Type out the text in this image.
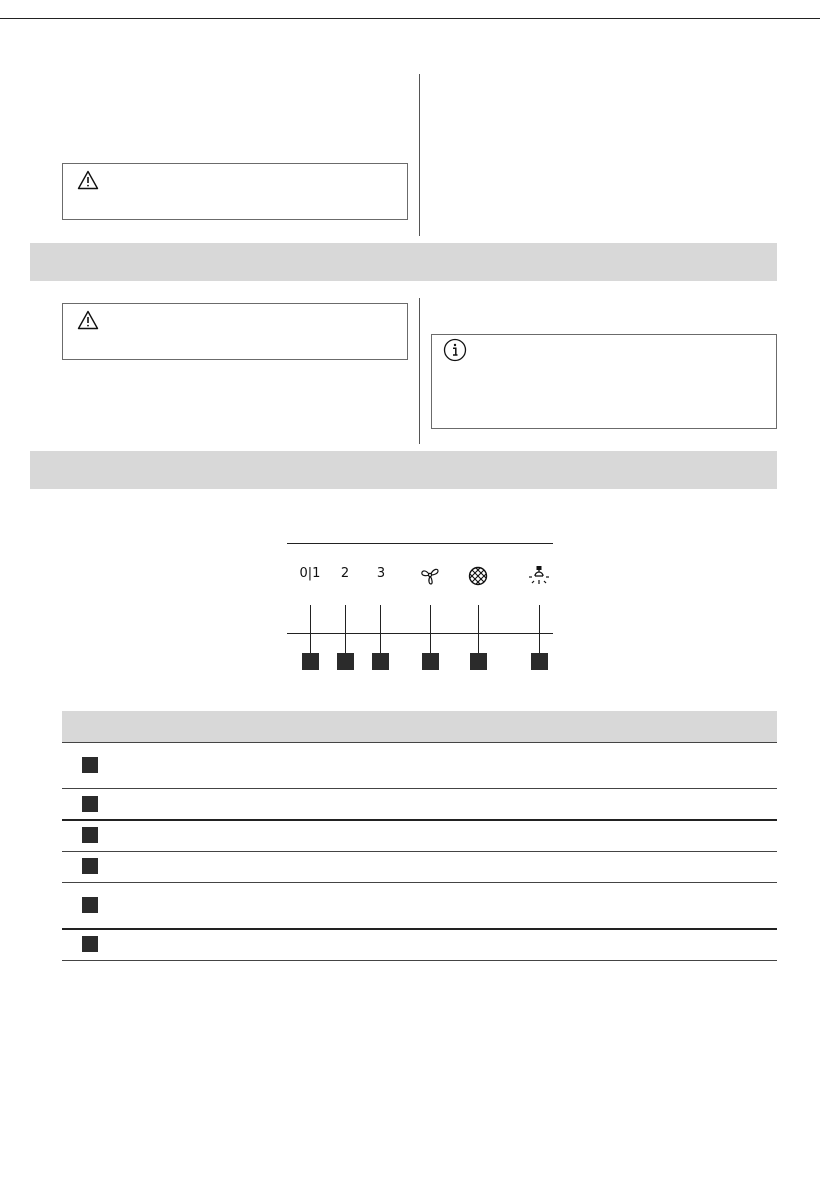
0|1	2	3
